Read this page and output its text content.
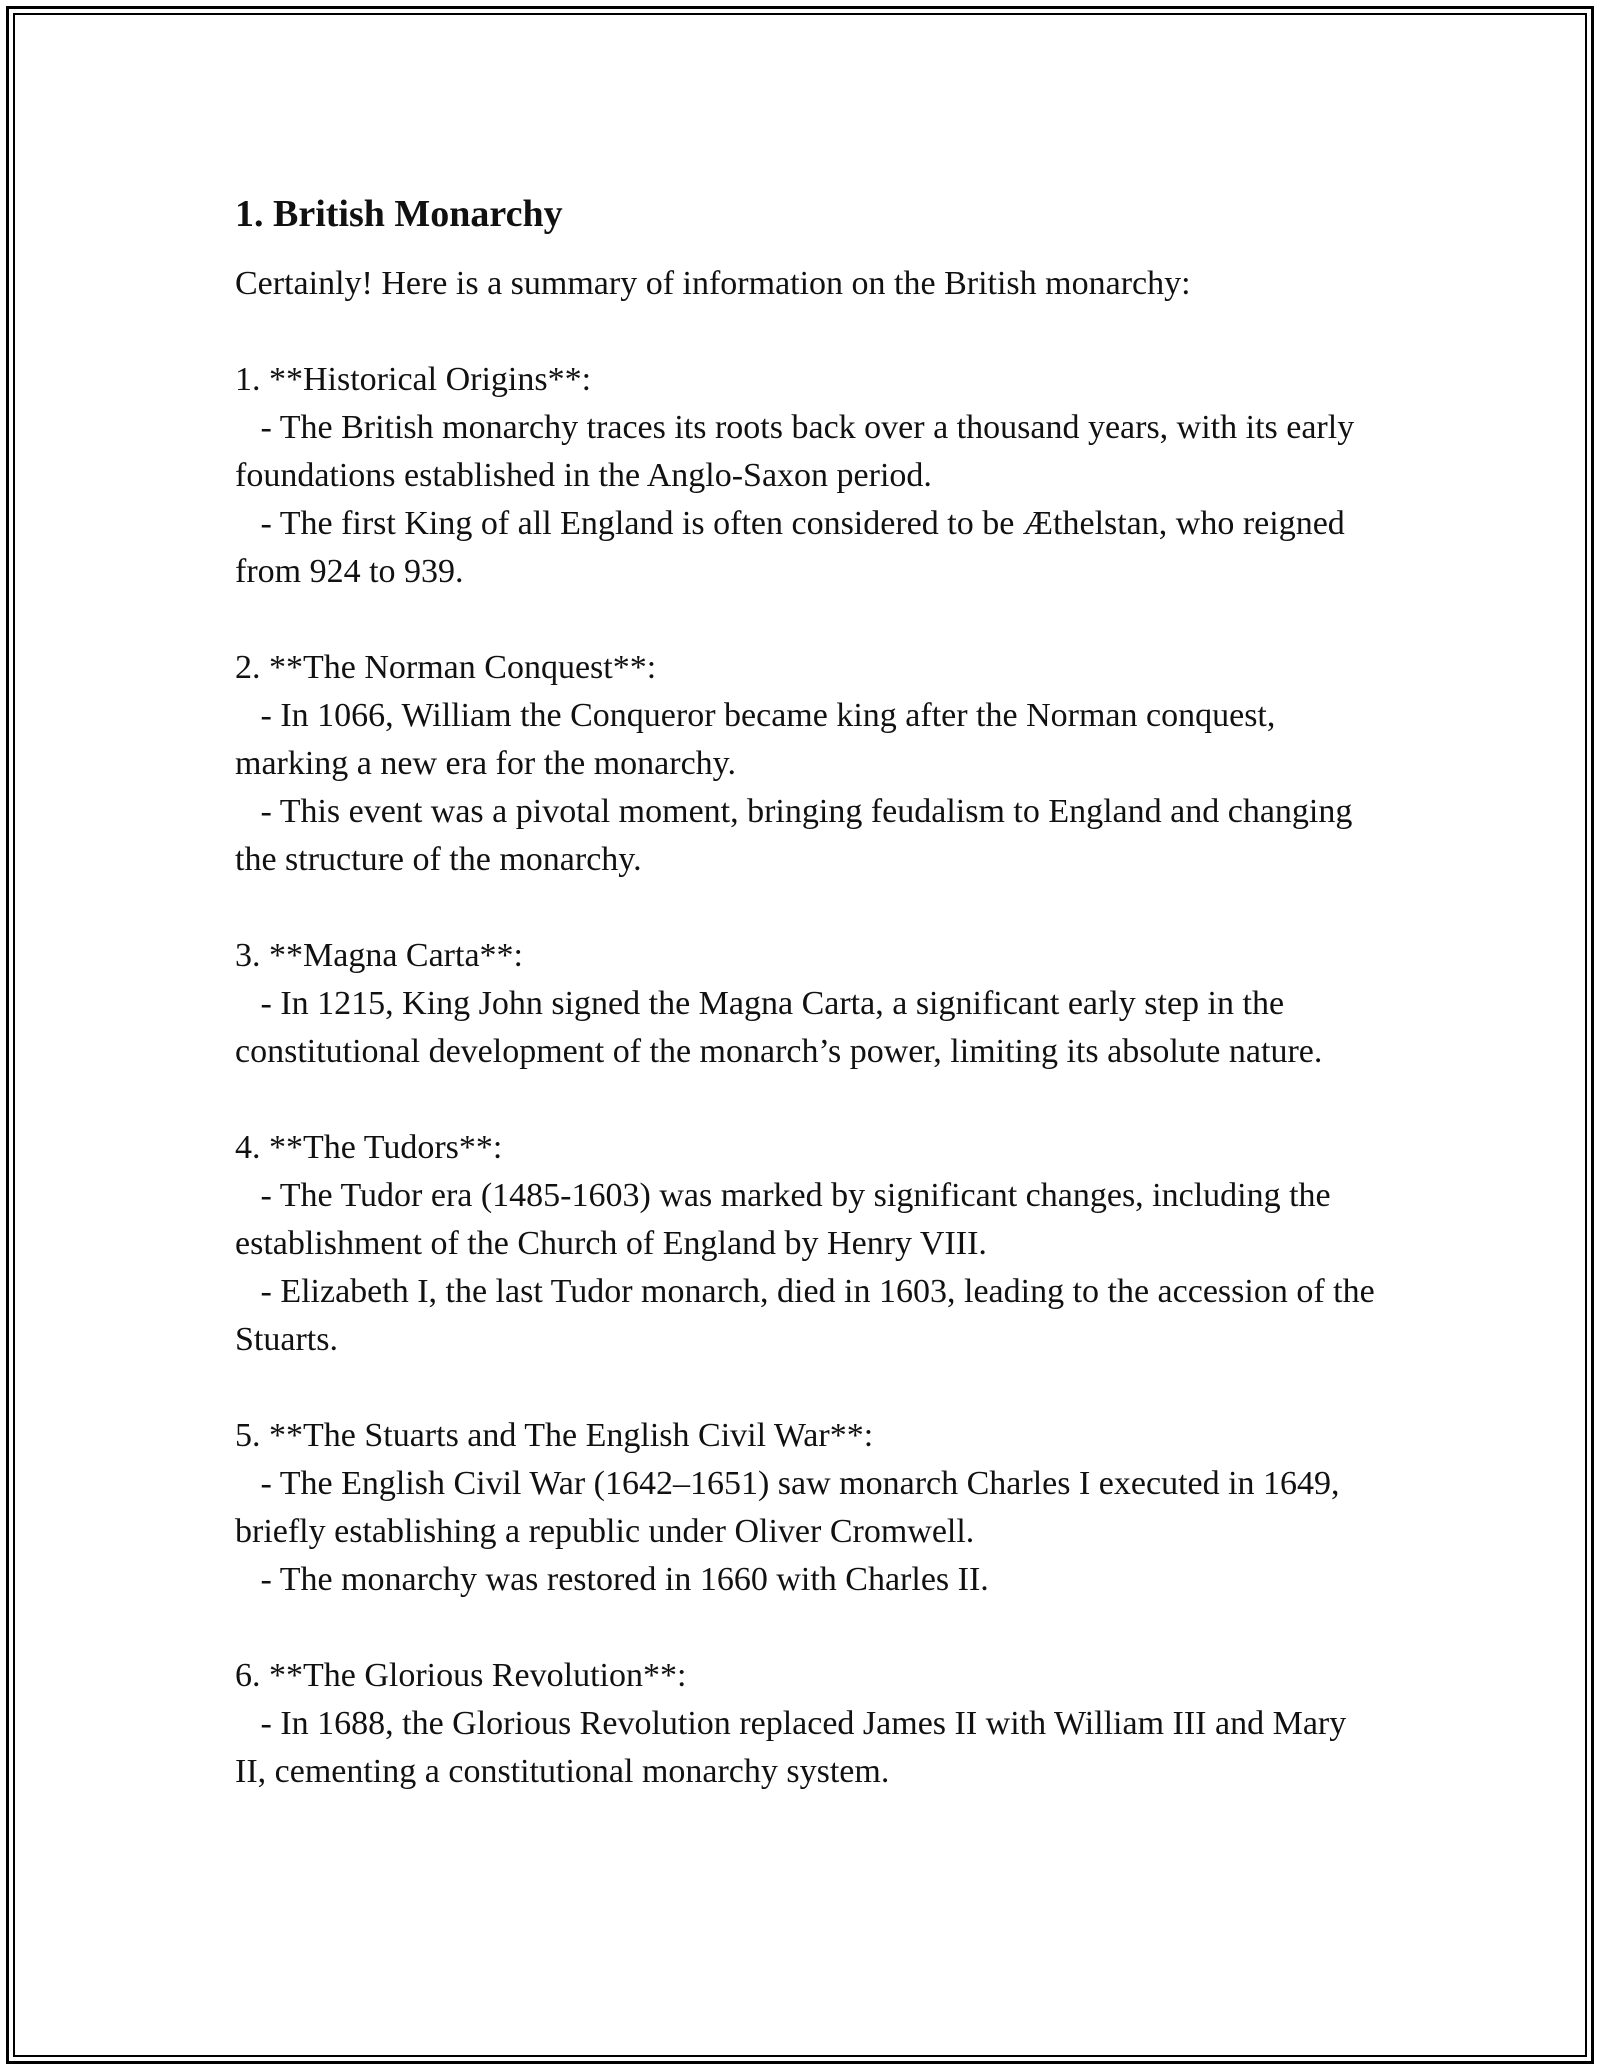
1. British Monarchy

Certainly! Here is a summary of information on the British monarchy:

1. **Historical Origins**:

- The British monarchy traces its roots back over a thousand years, with its early foundations established in the Anglo-Saxon period.

- The first King of all England is often considered to be Æthelstan, who reigned from 924 to 939.

2. **The Norman Conquest**:

- In 1066, William the Conqueror became king after the Norman conquest, marking a new era for the monarchy.

- This event was a pivotal moment, bringing feudalism to England and changing the structure of the monarchy.

3. **Magna Carta**:

- In 1215, King John signed the Magna Carta, a significant early step in the constitutional development of the monarch’s power, limiting its absolute nature.

4. **The Tudors**:

- The Tudor era (1485-1603) was marked by significant changes, including the establishment of the Church of England by Henry VIII.

- Elizabeth I, the last Tudor monarch, died in 1603, leading to the accession of the Stuarts.

5. **The Stuarts and The English Civil War**:

- The English Civil War (1642–1651) saw monarch Charles I executed in 1649, briefly establishing a republic under Oliver Cromwell.

- The monarchy was restored in 1660 with Charles II.

6. **The Glorious Revolution**:

- In 1688, the Glorious Revolution replaced James II with William III and Mary II, cementing a constitutional monarchy system.
